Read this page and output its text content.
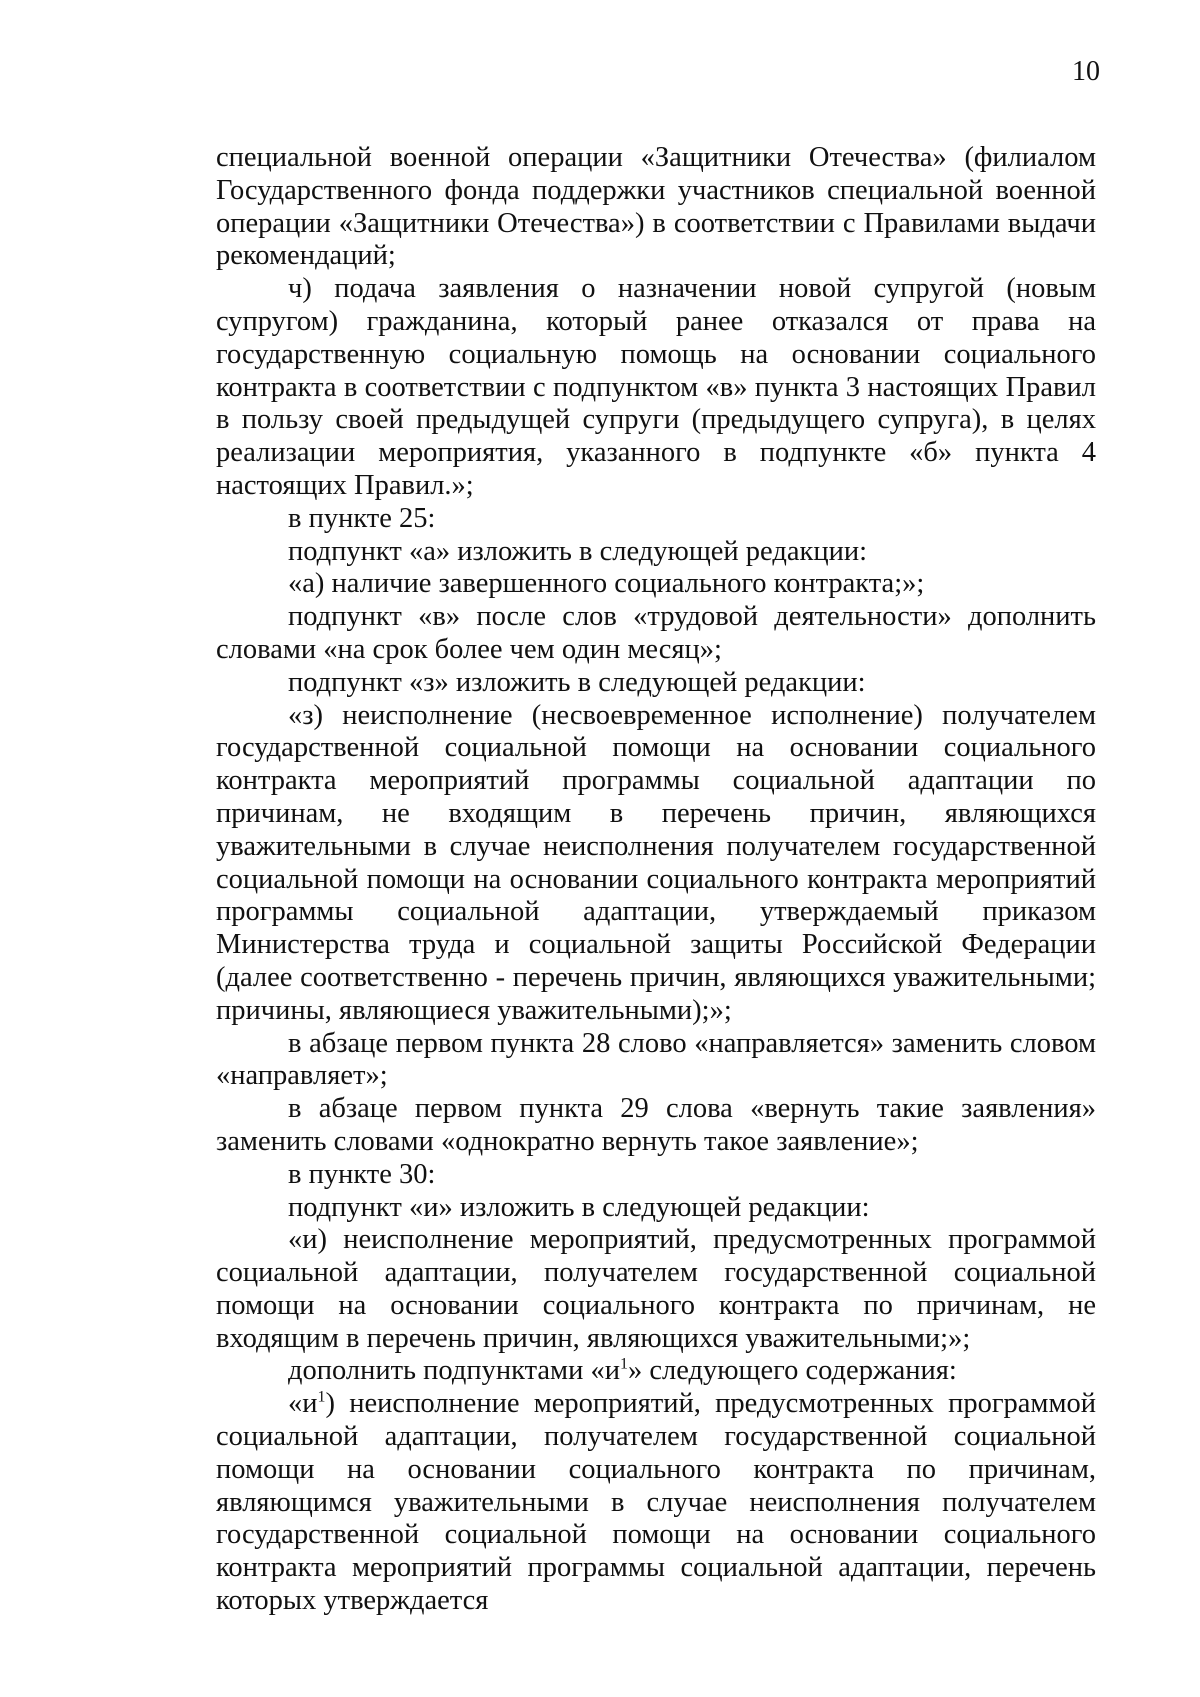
10

специальной военной операции «Защитники Отечества» (филиалом Государственного фонда поддержки участников специальной военной операции «Защитники Отечества») в соответствии с Правилами выдачи рекомендаций;

ч) подача заявления о назначении новой супругой (новым супругом) гражданина, который ранее отказался от права на государственную социальную помощь на основании социального контракта в соответствии с подпунктом «в» пункта 3 настоящих Правил в пользу своей предыдущей супруги (предыдущего супруга), в целях реализации мероприятия, указанного в подпункте «б» пункта 4 настоящих Правил.»;

в пункте 25:

подпункт «а» изложить в следующей редакции:

«а) наличие завершенного социального контракта;»;

подпункт «в» после слов «трудовой деятельности» дополнить словами «на срок более чем один месяц»;

подпункт «з» изложить в следующей редакции:

«з) неисполнение (несвоевременное исполнение) получателем государственной социальной помощи на основании социального контракта мероприятий программы социальной адаптации по причинам, не входящим в перечень причин, являющихся уважительными в случае неисполнения получателем государственной социальной помощи на основании социального контракта мероприятий программы социальной адаптации, утверждаемый приказом Министерства труда и социальной защиты Российской Федерации (далее соответственно - перечень причин, являющихся уважительными; причины, являющиеся уважительными);»;

в абзаце первом пункта 28 слово «направляется» заменить словом «направляет»;

в абзаце первом пункта 29 слова «вернуть такие заявления» заменить словами «однократно вернуть такое заявление»;

в пункте 30:

подпункт «и» изложить в следующей редакции:

«и) неисполнение мероприятий, предусмотренных программой социальной адаптации, получателем государственной социальной помощи на основании социального контракта по причинам, не входящим в перечень причин, являющихся уважительными;»;

дополнить подпунктами «$и^1$» следующего содержания:

«$и^1$) неисполнение мероприятий, предусмотренных программой социальной адаптации, получателем государственной социальной помощи на основании социального контракта по причинам, являющимся уважительными в случае неисполнения получателем государственной социальной помощи на основании социального контракта мероприятий программы социальной адаптации, перечень которых утверждается
